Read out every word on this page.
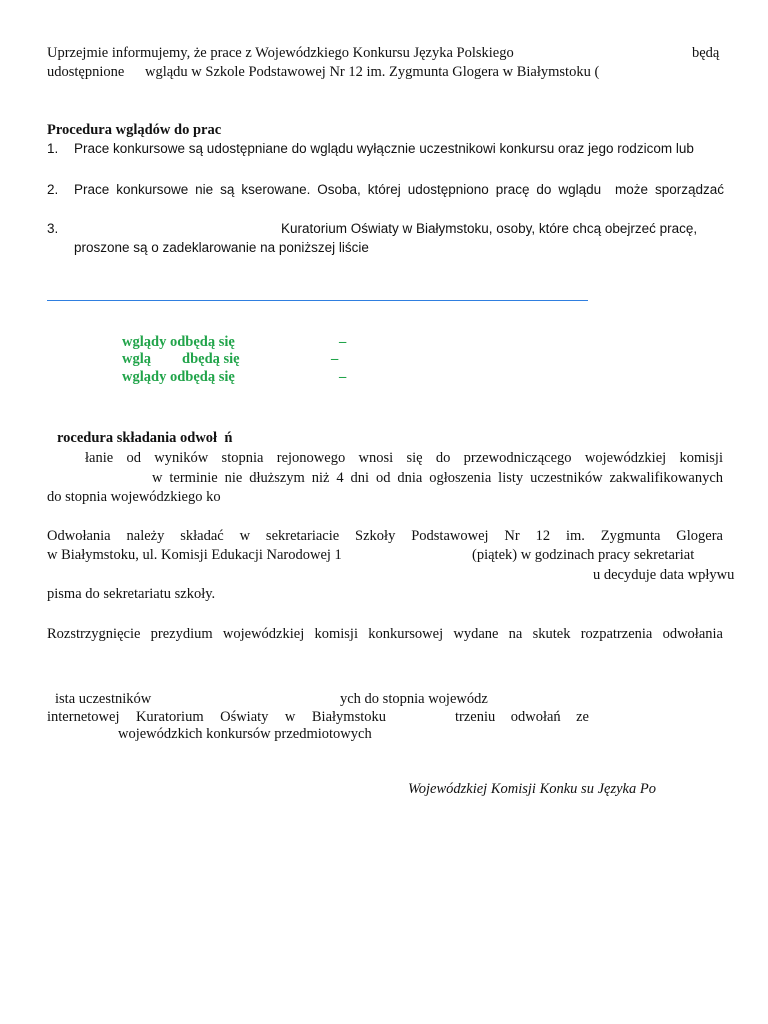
Uprzejmie informujemy, że prace z Wojewódzkiego Konkursu Języka Polskiego	będą
udostępnione wglądu w Szkole Podstawowej Nr 12 im. Zygmunta Glogera w Białymstoku (
Procedura wglądów do prac
1. Prace konkursowe są udostępniane do wglądu wyłącznie uczestnikowi konkursu oraz jego rodzicom lub
2. Prace konkursowe nie są kserowane. Osoba, której udostępniono pracę do wglądu  może sporządzać
3.	Kuratorium Oświaty w Białymstoku, osoby, które chcą obejrzeć pracę,
proszone są o zadeklarowanie na poniższej liście
wglądy odbędą się	–
wglą dbędą się	–
wglądy odbędą się	–
rocedura składania odwoł  ń
łanie od wyników stopnia rejonowego wnosi się do przewodniczącego wojewódzkiej komisji
w terminie nie dłuższym niż 4 dni od dnia ogłoszenia listy uczestników zakwalifikowanych
do stopnia wojewódzkiego ko
Odwołania należy składać w sekretariacie Szkoły Podstawowej Nr 12 im. Zygmunta Glogera
w Białymstoku, ul. Komisji Edukacji Narodowej 1	(piątek) w godzinach pracy sekretariat
u decyduje data wpływu
pisma do sekretariatu szkoły.
Rozstrzygnięcie prezydium wojewódzkiej komisji konkursowej wydane na skutek rozpatrzenia odwołania
ista uczestników	ych do stopnia wojewódz
internetowej Kuratorium Oświaty w Białymstoku	trzeniu odwołań ze
wojewódzkich konkursów przedmiotowych
Wojewódzkiej Komisji Konku su Języka Po
